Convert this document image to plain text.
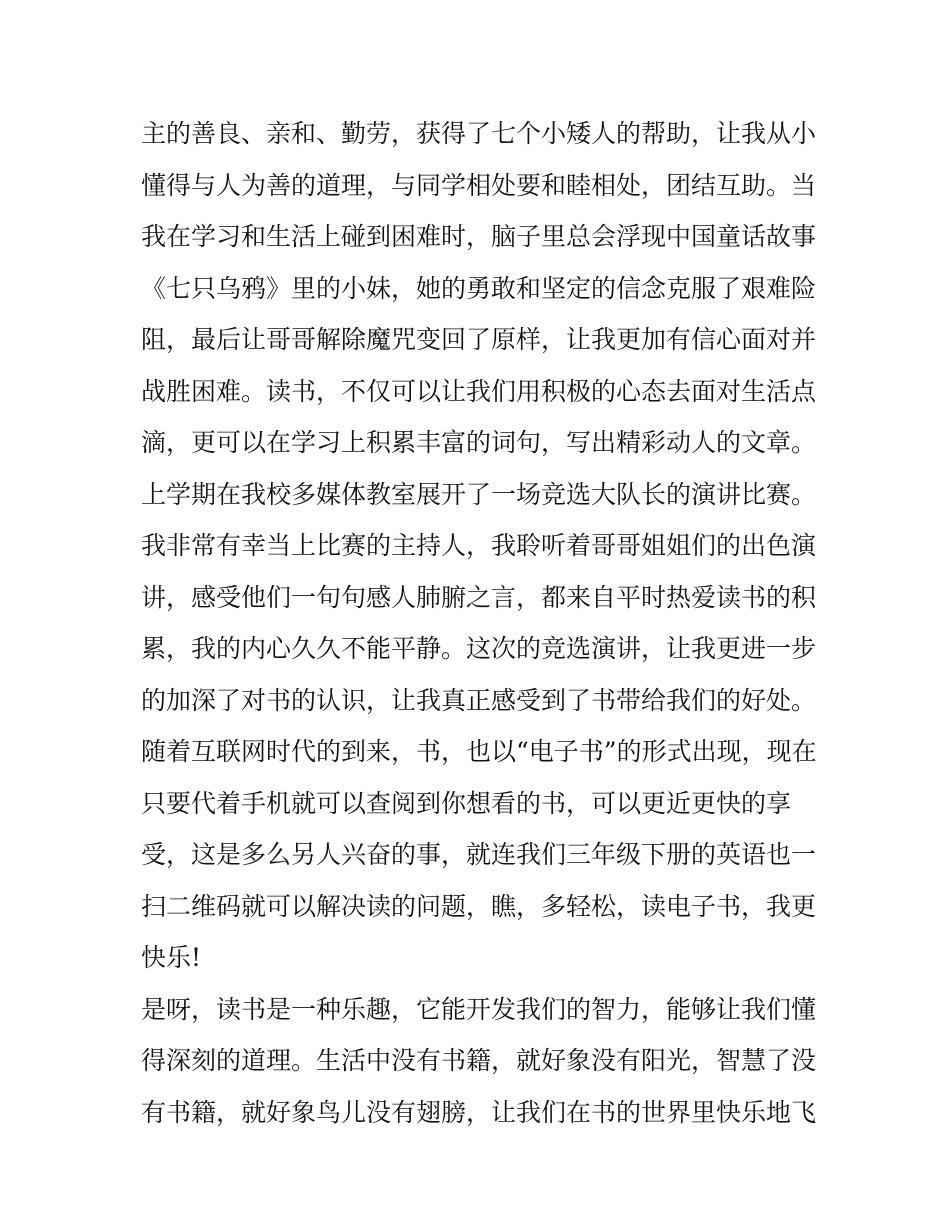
主的善良、亲和、勤劳，获得了七个小矮人的帮助，让我从小
懂得与人为善的道理，与同学相处要和睦相处，团结互助。当
我在学习和生活上碰到困难时，脑子里总会浮现中国童话故事
《七只乌鸦》里的小妹，她的勇敢和坚定的信念克服了艰难险
阻，最后让哥哥解除魔咒变回了原样，让我更加有信心面对并
战胜困难。读书，不仅可以让我们用积极的心态去面对生活点
滴，更可以在学习上积累丰富的词句，写出精彩动人的文章。
上学期在我校多媒体教室展开了一场竞选大队长的演讲比赛。
我非常有幸当上比赛的主持人，我聆听着哥哥姐姐们的出色演
讲，感受他们一句句感人肺腑之言，都来自平时热爱读书的积
累，我的内心久久不能平静。这次的竞选演讲，让我更进一步
的加深了对书的认识，让我真正感受到了书带给我们的好处。
随着互联网时代的到来，书，也以“电子书”的形式出现，现在
只要代着手机就可以查阅到你想看的书，可以更近更快的享
受，这是多么另人兴奋的事，就连我们三年级下册的英语也一
扫二维码就可以解决读的问题，瞧，多轻松，读电子书，我更
快乐!
是呀，读书是一种乐趣，它能开发我们的智力，能够让我们懂
得深刻的道理。生活中没有书籍，就好象没有阳光，智慧了没
有书籍，就好象鸟儿没有翅膀，让我们在书的世界里快乐地飞
